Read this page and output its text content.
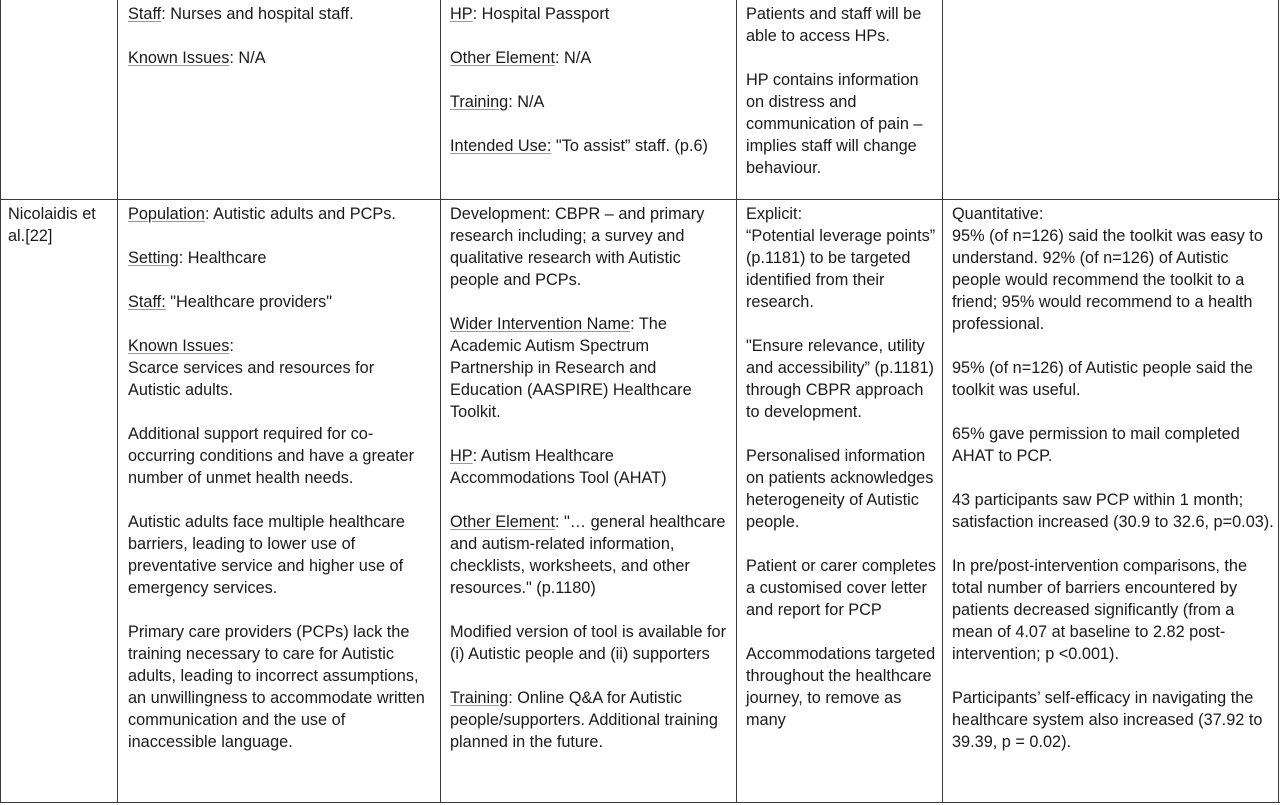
Staff: Nurses and hospital staff.

Known Issues: N/A

HP: Hospital Passport

Other Element: N/A

Training: N/A

Intended Use: "To assist” staff. (p.6)

Patients and staff will be able to access HPs.

HP contains information on distress and communication of pain – implies staff will change behaviour.

Nicolaidis et al.[22]

Population: Autistic adults and PCPs.

Setting: Healthcare

Staff: "Healthcare providers"

Known Issues:
Scarce services and resources for Autistic adults.

Additional support required for co-occurring conditions and have a greater number of unmet health needs.

Autistic adults face multiple healthcare barriers, leading to lower use of preventative service and higher use of emergency services.

Primary care providers (PCPs) lack the training necessary to care for Autistic adults, leading to incorrect assumptions, an unwillingness to accommodate written communication and the use of inaccessible language.

Development: CBPR – and primary research including; a survey and qualitative research with Autistic people and PCPs.

Wider Intervention Name: The Academic Autism Spectrum Partnership in Research and Education (AASPIRE) Healthcare Toolkit.

HP: Autism Healthcare Accommodations Tool (AHAT)

Other Element: "… general healthcare and autism-related information, checklists, worksheets, and other resources." (p.1180)

Modified version of tool is available for (i) Autistic people and (ii) supporters

Training: Online Q&A for Autistic people/supporters. Additional training planned in the future.

Explicit:
“Potential leverage points” (p.1181) to be targeted identified from their research.

"Ensure relevance, utility and accessibility” (p.1181) through CBPR approach to development.

Personalised information on patients acknowledges heterogeneity of Autistic people.

Patient or carer completes a customised cover letter and report for PCP

Accommodations targeted throughout the healthcare journey, to remove as many

Quantitative:
95% (of n=126) said the toolkit was easy to understand. 92% (of n=126) of Autistic people would recommend the toolkit to a friend; 95% would recommend to a health professional.

95% (of n=126) of Autistic people said the toolkit was useful.

65% gave permission to mail completed AHAT to PCP.

43 participants saw PCP within 1 month; satisfaction increased (30.9 to 32.6, p=0.03).

In pre/post-intervention comparisons, the total number of barriers encountered by patients decreased significantly (from a mean of 4.07 at baseline to 2.82 post-intervention; p <0.001).

Participants’ self-efficacy in navigating the healthcare system also increased (37.92 to 39.39, p = 0.02).
